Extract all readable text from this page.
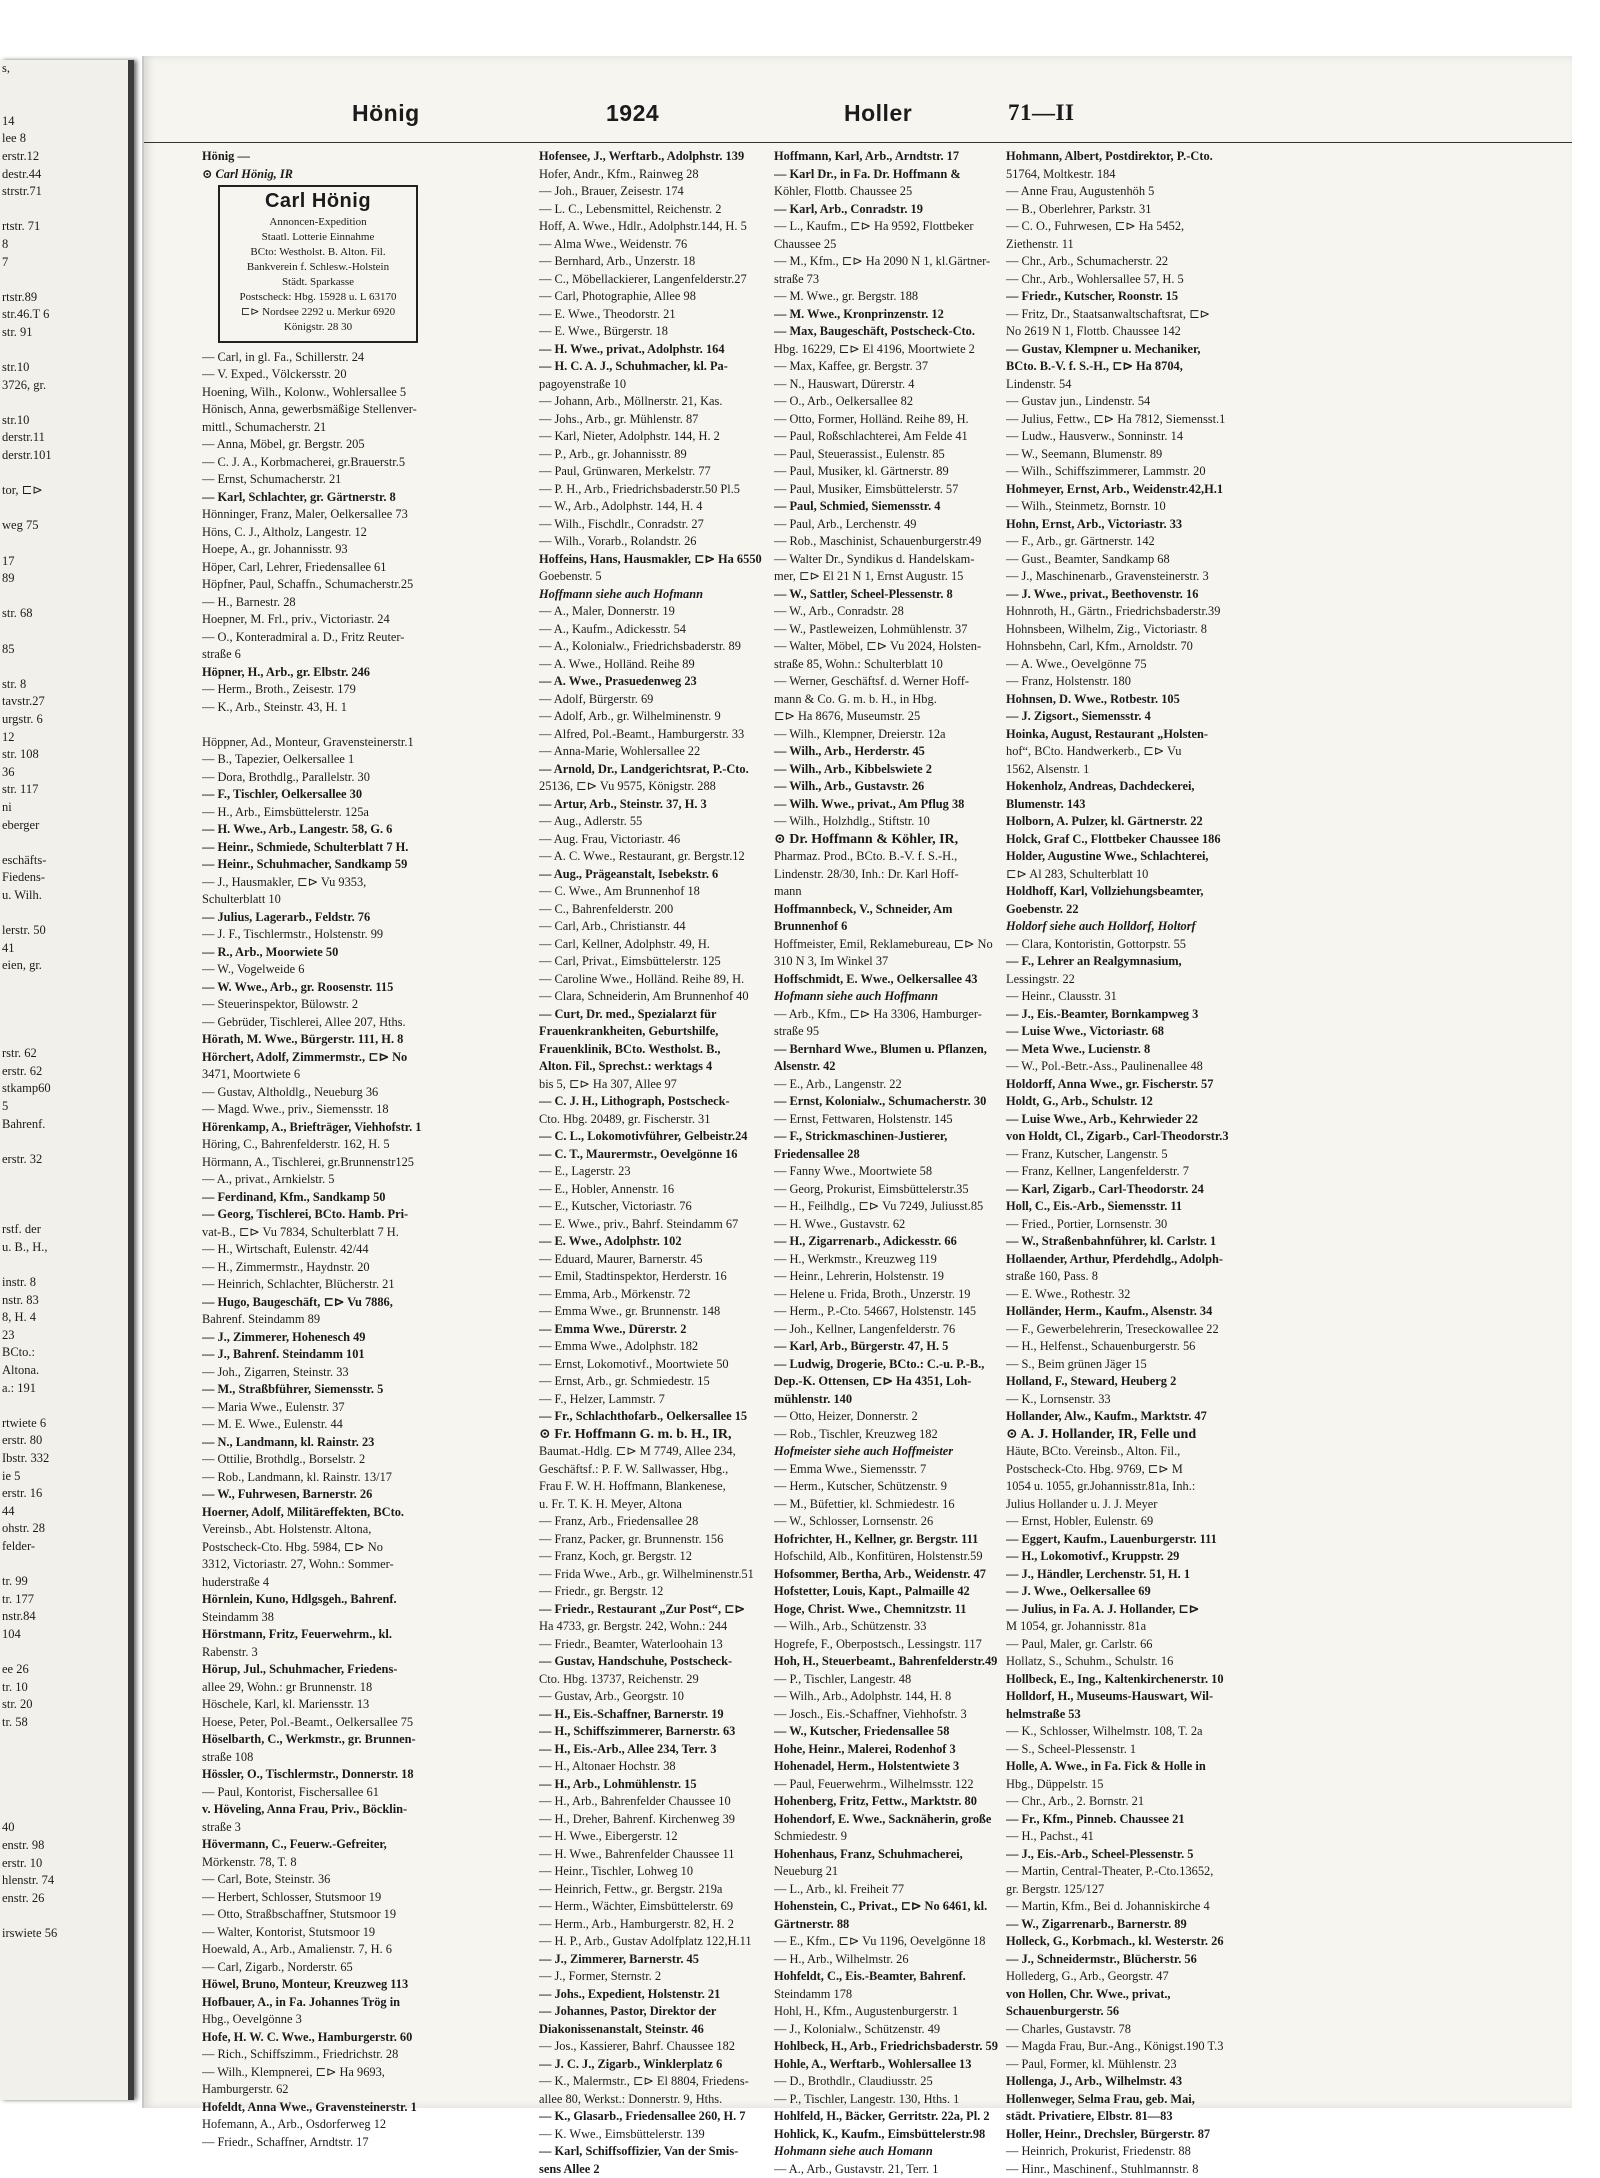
s,

14
lee 8
erstr.12
destr.44
strstr.71

rtstr. 71
8
7

rtstr.89
str.46.T 6
str. 91

str.10
3726, gr.

str.10
derstr.11
derstr.101

tor, ⊏⊳

weg 75

17
89

str. 68

85

str. 8
tavstr.27
urgstr. 6
12
str. 108
36
str. 117
ni
eberger

eschäfts-
Fiedens-
u. Wilh.

lerstr. 50
41
eien, gr.

rstr. 62
erstr. 62
stkamp60
5
Bahrenf.

erstr. 32

rstf. der
u. B., H.,

instr. 8
nstr. 83
8, H. 4
23
BCto.:
Altona.
a.: 191

rtwiete 6
erstr. 80
Ibstr. 332
ie 5
erstr. 16
44
ohstr. 28
felder-

tr. 99
tr. 177
nstr.84
104

ee 26
tr. 10
str. 20
tr. 58

40
enstr. 98
erstr. 10
hlenstr. 74
enstr. 26

irswiete 56
Hönig	1924	Holler	71—II
Hönig —
⊙ Carl Hönig, IR
Carl Hönig
Annoncen-Expedition
Staatl. Lotterie Einnahme
BCto: Westholst. B. Alton. Fil.
Bankverein f. Schlesw.-Holstein
Städt. Sparkasse
Postscheck: Hbg. 15928 u. L 63170
⊏⊳ Nordsee 2292 u. Merkur 6920
Königstr. 28 30
— Carl, in gl. Fa., Schillerstr. 24
— V. Exped., Völckersstr. 20
Hoening, Wilh., Kolonw., Wohlersallee 5
Hönisch, Anna, gewerbsmäßige Stellenver-
mittl., Schumacherstr. 21
— Anna, Möbel, gr. Bergstr. 205
— C. J. A., Korbmacherei, gr.Brauerstr.5
— Ernst, Schumacherstr. 21
— Karl, Schlachter, gr. Gärtnerstr. 8
Hönninger, Franz, Maler, Oelkersallee 73
Höns, C. J., Altholz, Langestr. 12
Hoepe, A., gr. Johannisstr. 93
Höper, Carl, Lehrer, Friedensallee 61
Höpfner, Paul, Schaffn., Schumacherstr.25
— H., Barnestr. 28
Hoepner, M. Frl., priv., Victoriastr. 24
— O., Konteradmiral a. D., Fritz Reuter-
straße 6
Höpner, H., Arb., gr. Elbstr. 246
— Herm., Broth., Zeisestr. 179
— K., Arb., Steinstr. 43, H. 1

Höppner, Ad., Monteur, Gravensteinerstr.1
— B., Tapezier, Oelkersallee 1
— Dora, Brothdlg., Parallelstr. 30
— F., Tischler, Oelkersallee 30
— H., Arb., Eimsbüttelerstr. 125a
— H. Wwe., Arb., Langestr. 58, G. 6
— Heinr., Schmiede, Schulterblatt 7 H.
— Heinr., Schuhmacher, Sandkamp 59
— J., Hausmakler, ⊏⊳ Vu 9353,
Schulterblatt 10
— Julius, Lagerarb., Feldstr. 76
— J. F., Tischlermstr., Holstenstr. 99
— R., Arb., Moorwiete 50
— W., Vogelweide 6
— W. Wwe., Arb., gr. Roosenstr. 115
— Steuerinspektor, Bülowstr. 2
— Gebrüder, Tischlerei, Allee 207, Hths.
Hörath, M. Wwe., Bürgerstr. 111, H. 8
Hörchert, Adolf, Zimmermstr., ⊏⊳ No
3471, Moortwiete 6
— Gustav, Altholdlg., Neueburg 36
— Magd. Wwe., priv., Siemensstr. 18
Hörenkamp, A., Briefträger, Viehhofstr. 1
Höring, C., Bahrenfelderstr. 162, H. 5
Hörmann, A., Tischlerei, gr.Brunnenstr125
— A., privat., Arnkielstr. 5
— Ferdinand, Kfm., Sandkamp 50
— Georg, Tischlerei, BCto. Hamb. Pri-
vat-B., ⊏⊳ Vu 7834, Schulterblatt 7 H.
— H., Wirtschaft, Eulenstr. 42/44
— H., Zimmermstr., Haydnstr. 20
— Heinrich, Schlachter, Blücherstr. 21
— Hugo, Baugeschäft, ⊏⊳ Vu 7886,
Bahrenf. Steindamm 89
— J., Zimmerer, Hohenesch 49
— J., Bahrenf. Steindamm 101
— Joh., Zigarren, Steinstr. 33
— M., Straßbführer, Siemensstr. 5
— Maria Wwe., Eulenstr. 37
— M. E. Wwe., Eulenstr. 44
— N., Landmann, kl. Rainstr. 23
— Ottilie, Brothdlg., Borselstr. 2
— Rob., Landmann, kl. Rainstr. 13/17
— W., Fuhrwesen, Barnerstr. 26
Hoerner, Adolf, Militäreffekten, BCto.
Vereinsb., Abt. Holstenstr. Altona,
Postscheck-Cto. Hbg. 5984, ⊏⊳ No
3312, Victoriastr. 27, Wohn.: Sommer-
huderstraße 4
Hörnlein, Kuno, Hdlgsgeh., Bahrenf.
Steindamm 38
Hörstmann, Fritz, Feuerwehrm., kl.
Rabenstr. 3
Hörup, Jul., Schuhmacher, Friedens-
allee 29, Wohn.: gr Brunnenstr. 18
Höschele, Karl, kl. Mariensstr. 13
Hoese, Peter, Pol.-Beamt., Oelkersallee 75
Höselbarth, C., Werkmstr., gr. Brunnen-
straße 108
Hössler, O., Tischlermstr., Donnerstr. 18
— Paul, Kontorist, Fischersallee 61
v. Höveling, Anna Frau, Priv., Böcklin-
straße 3
Hövermann, C., Feuerw.-Gefreiter,
Mörkenstr. 78, T. 8
— Carl, Bote, Steinstr. 36
— Herbert, Schlosser, Stutsmoor 19
— Otto, Straßbschaffner, Stutsmoor 19
— Walter, Kontorist, Stutsmoor 19
Hoewald, A., Arb., Amalienstr. 7, H. 6
— Carl, Zigarb., Norderstr. 65
Höwel, Bruno, Monteur, Kreuzweg 113
Hofbauer, A., in Fa. Johannes Trög in
Hbg., Oevelgönne 3
Hofe, H. W. C. Wwe., Hamburgerstr. 60
— Rich., Schiffszimm., Friedrichstr. 28
— Wilh., Klempnerei, ⊏⊳ Ha 9693,
Hamburgerstr. 62
Hofeldt, Anna Wwe., Gravensteinerstr. 1
Hofemann, A., Arb., Osdorferweg 12
— Friedr., Schaffner, Arndtstr. 17
Hofensee, J., Werftarb., Adolphstr. 139
Hofer, Andr., Kfm., Rainweg 28
— Joh., Brauer, Zeisestr. 174
— L. C., Lebensmittel, Reichenstr. 2
Hoff, A. Wwe., Hdlr., Adolphstr.144, H. 5
— Alma Wwe., Weidenstr. 76
— Bernhard, Arb., Unzerstr. 18
— C., Möbellackierer, Langenfelderstr.27
— Carl, Photographie, Allee 98
— E. Wwe., Theodorstr. 21
— E. Wwe., Bürgerstr. 18
— H. Wwe., privat., Adolphstr. 164
— H. C. A. J., Schuhmacher, kl. Pa-
pagoyenstraße 10
— Johann, Arb., Möllnerstr. 21, Kas.
— Johs., Arb., gr. Mühlenstr. 87
— Karl, Nieter, Adolphstr. 144, H. 2
— P., Arb., gr. Johannisstr. 89
— Paul, Grünwaren, Merkelstr. 77
— P. H., Arb., Friedrichsbaderstr.50 Pl.5
— W., Arb., Adolphstr. 144, H. 4
— Wilh., Fischdlr., Conradstr. 27
— Wilh., Vorarb., Rolandstr. 26
Hoffeins, Hans, Hausmakler, ⊏⊳ Ha 6550
Goebenstr. 5
Hoffmann siehe auch Hofmann
— A., Maler, Donnerstr. 19
— A., Kaufm., Adickesstr. 54
— A., Kolonialw., Friedrichsbaderstr. 89
— A. Wwe., Holländ. Reihe 89
— A. Wwe., Prasuedenweg 23
— Adolf, Bürgerstr. 69
— Adolf, Arb., gr. Wilhelminenstr. 9
— Alfred, Pol.-Beamt., Hamburgerstr. 33
— Anna-Marie, Wohlersallee 22
— Arnold, Dr., Landgerichtsrat, P.-Cto.
25136, ⊏⊳ Vu 9575, Königstr. 288
— Artur, Arb., Steinstr. 37, H. 3
— Aug., Adlerstr. 55
— Aug. Frau, Victoriastr. 46
— A. C. Wwe., Restaurant, gr. Bergstr.12
— Aug., Prägeanstalt, Isebekstr. 6
— C. Wwe., Am Brunnenhof 18
— C., Bahrenfelderstr. 200
— Carl, Arb., Christianstr. 44
— Carl, Kellner, Adolphstr. 49, H.
— Carl, Privat., Eimsbüttelerstr. 125
— Caroline Wwe., Holländ. Reihe 89, H.
— Clara, Schneiderin, Am Brunnenhof 40
— Curt, Dr. med., Spezialarzt für
Frauenkrankheiten, Geburtshilfe,
Frauenklinik, BCto. Westholst. B.,
Alton. Fil., Sprechst.: werktags 4
bis 5, ⊏⊳ Ha 307, Allee 97
— C. J. H., Lithograph, Postscheck-
Cto. Hbg. 20489, gr. Fischerstr. 31
— C. L., Lokomotivführer, Gelbeistr.24
— C. T., Maurermstr., Oevelgönne 16
— E., Lagerstr. 23
— E., Hobler, Annenstr. 16
— E., Kutscher, Victoriastr. 76
— E. Wwe., priv., Bahrf. Steindamm 67
— E. Wwe., Adolphstr. 102
— Eduard, Maurer, Barnerstr. 45
— Emil, Stadtinspektor, Herderstr. 16
— Emma, Arb., Mörkenstr. 72
— Emma Wwe., gr. Brunnenstr. 148
— Emma Wwe., Dürerstr. 2
— Emma Wwe., Adolphstr. 182
— Ernst, Lokomotivf., Moortwiete 50
— Ernst, Arb., gr. Schmiedestr. 15
— F., Helzer, Lammstr. 7
— Fr., Schlachthofarb., Oelkersallee 15
⊙ Fr. Hoffmann G. m. b. H., IR,
Baumat.-Hdlg. ⊏⊳ M 7749, Allee 234,
Geschäftsf.: P. F. W. Sallwasser, Hbg.,
Frau F. W. H. Hoffmann, Blankenese,
u. Fr. T. K. H. Meyer, Altona
— Franz, Arb., Friedensallee 28
— Franz, Packer, gr. Brunnenstr. 156
— Franz, Koch, gr. Bergstr. 12
— Frida Wwe., Arb., gr. Wilhelminenstr.51
— Friedr., gr. Bergstr. 12
— Friedr., Restaurant „Zur Post“, ⊏⊳
Ha 4733, gr. Bergstr. 242, Wohn.: 244
— Friedr., Beamter, Waterloohain 13
— Gustav, Handschuhe, Postscheck-
Cto. Hbg. 13737, Reichenstr. 29
— Gustav, Arb., Georgstr. 10
— H., Eis.-Schaffner, Barnerstr. 19
— H., Schiffszimmerer, Barnerstr. 63
— H., Eis.-Arb., Allee 234, Terr. 3
— H., Altonaer Hochstr. 38
— H., Arb., Lohmühlenstr. 15
— H., Arb., Bahrenfelder Chaussee 10
— H., Dreher, Bahrenf. Kirchenweg 39
— H. Wwe., Eibergerstr. 12
— H. Wwe., Bahrenfelder Chaussee 11
— Heinr., Tischler, Lohweg 10
— Heinrich, Fettw., gr. Bergstr. 219a
— Herm., Wächter, Eimsbüttelerstr. 69
— Herm., Arb., Hamburgerstr. 82, H. 2
— H. P., Arb., Gustav Adolfplatz 122,H.11
— J., Zimmerer, Barnerstr. 45
— J., Former, Sternstr. 2
— Johs., Expedient, Holstenstr. 21
— Johannes, Pastor, Direktor der
Diakonissenanstalt, Steinstr. 46
— Jos., Kassierer, Bahrf. Chaussee 182
— J. C. J., Zigarb., Winklerplatz 6
— K., Malermstr., ⊏⊳ El 8804, Friedens-
allee 80, Werkst.: Donnerstr. 9, Hths.
— K., Glasarb., Friedensallee 260, H. 7
— K. Wwe., Eimsbüttelerstr. 139
— Karl, Schiffsoffizier, Van der Smis-
sens Allee 2
Hoffmann, Karl, Arb., Arndtstr. 17
— Karl Dr., in Fa. Dr. Hoffmann &
Köhler, Flottb. Chaussee 25
— Karl, Arb., Conradstr. 19
— L., Kaufm., ⊏⊳ Ha 9592, Flottbeker
Chaussee 25
— M., Kfm., ⊏⊳ Ha 2090 N 1, kl.Gärtner-
straße 73
— M. Wwe., gr. Bergstr. 188
— M. Wwe., Kronprinzenstr. 12
— Max, Baugeschäft, Postscheck-Cto.
Hbg. 16229, ⊏⊳ El 4196, Moortwiete 2
— Max, Kaffee, gr. Bergstr. 37
— N., Hauswart, Dürerstr. 4
— O., Arb., Oelkersallee 82
— Otto, Former, Holländ. Reihe 89, H.
— Paul, Roßschlachterei, Am Felde 41
— Paul, Steuerassist., Eulenstr. 85
— Paul, Musiker, kl. Gärtnerstr. 89
— Paul, Musiker, Eimsbüttelerstr. 57
— Paul, Schmied, Siemensstr. 4
— Paul, Arb., Lerchenstr. 49
— Rob., Maschinist, Schauenburgerstr.49
— Walter Dr., Syndikus d. Handelskam-
mer, ⊏⊳ El 21 N 1, Ernst Augustr. 15
— W., Sattler, Scheel-Plessenstr. 8
— W., Arb., Conradstr. 28
— W., Pastleweizen, Lohmühlenstr. 37
— Walter, Möbel, ⊏⊳ Vu 2024, Holsten-
straße 85, Wohn.: Schulterblatt 10
— Werner, Geschäftsf. d. Werner Hoff-
mann & Co. G. m. b. H., in Hbg.
⊏⊳ Ha 8676, Museumstr. 25
— Wilh., Klempner, Dreierstr. 12a
— Wilh., Arb., Herderstr. 45
— Wilh., Arb., Kibbelswiete 2
— Wilh., Arb., Gustavstr. 26
— Wilh. Wwe., privat., Am Pflug 38
— Wilh., Holzhdlg., Stiftstr. 10
⊙ Dr. Hoffmann & Köhler, IR,
Pharmaz. Prod., BCto. B.-V. f. S.-H.,
Lindenstr. 28/30, Inh.: Dr. Karl Hoff-
mann
Hoffmannbeck, V., Schneider, Am
Brunnenhof 6
Hoffmeister, Emil, Reklamebureau, ⊏⊳ No
310 N 3, Im Winkel 37
Hoffschmidt, E. Wwe., Oelkersallee 43
Hofmann siehe auch Hoffmann
— Arb., Kfm., ⊏⊳ Ha 3306, Hamburger-
straße 95
— Bernhard Wwe., Blumen u. Pflanzen,
Alsenstr. 42
— E., Arb., Langenstr. 22
— Ernst, Kolonialw., Schumacherstr. 30
— Ernst, Fettwaren, Holstenstr. 145
— F., Strickmaschinen-Justierer,
Friedensallee 28
— Fanny Wwe., Moortwiete 58
— Georg, Prokurist, Eimsbüttelerstr.35
— H., Feilhdlg., ⊏⊳ Vu 7249, Juliusst.85
— H. Wwe., Gustavstr. 62
— H., Zigarrenarb., Adickesstr. 66
— H., Werkmstr., Kreuzweg 119
— Heinr., Lehrerin, Holstenstr. 19
— Helene u. Frida, Broth., Unzerstr. 19
— Herm., P.-Cto. 54667, Holstenstr. 145
— Joh., Kellner, Langenfelderstr. 76
— Karl, Arb., Bürgerstr. 47, H. 5
— Ludwig, Drogerie, BCto.: C.-u. P.-B.,
Dep.-K. Ottensen, ⊏⊳ Ha 4351, Loh-
mühlenstr. 140
— Otto, Heizer, Donnerstr. 2
— Rob., Tischler, Kreuzweg 182
Hofmeister siehe auch Hoffmeister
— Emma Wwe., Siemensstr. 7
— Herm., Kutscher, Schützenstr. 9
— M., Büfettier, kl. Schmiedestr. 16
— W., Schlosser, Lornsenstr. 26
Hofrichter, H., Kellner, gr. Bergstr. 111
Hofschild, Alb., Konfitüren, Holstenstr.59
Hofsommer, Bertha, Arb., Weidenstr. 47
Hofstetter, Louis, Kapt., Palmaille 42
Hoge, Christ. Wwe., Chemnitzstr. 11
— Wilh., Arb., Schützenstr. 33
Hogrefe, F., Oberpostsch., Lessingstr. 117
Hoh, H., Steuerbeamt., Bahrenfelderstr.49
— P., Tischler, Langestr. 48
— Wilh., Arb., Adolphstr. 144, H. 8
— Josch., Eis.-Schaffner, Viehhofstr. 3
— W., Kutscher, Friedensallee 58
Hohe, Heinr., Malerei, Rodenhof 3
Hohenadel, Herm., Holstentwiete 3
— Paul, Feuerwehrm., Wilhelmsstr. 122
Hohenberg, Fritz, Fettw., Marktstr. 80
Hohendorf, E. Wwe., Sacknäherin, große
Schmiedestr. 9
Hohenhaus, Franz, Schuhmacherei,
Neueburg 21
— L., Arb., kl. Freiheit 77
Hohenstein, C., Privat., ⊏⊳ No 6461, kl.
Gärtnerstr. 88
— E., Kfm., ⊏⊳ Vu 1196, Oevelgönne 18
— H., Arb., Wilhelmstr. 26
Hohfeldt, C., Eis.-Beamter, Bahrenf.
Steindamm 178
Hohl, H., Kfm., Augustenburgerstr. 1
— J., Kolonialw., Schützenstr. 49
Hohlbeck, H., Arb., Friedrichsbaderstr. 59
Hohle, A., Werftarb., Wohlersallee 13
— D., Brothdlr., Claudiusstr. 25
— P., Tischler, Langestr. 130, Hths. 1
Hohlfeld, H., Bäcker, Gerritstr. 22a, Pl. 2
Hohlick, K., Kaufm., Eimsbüttelerstr.98
Hohmann siehe auch Homann
— A., Arb., Gustavstr. 21, Terr. 1
Hohmann, Albert, Postdirektor, P.-Cto.
51764, Moltkestr. 184
— Anne Frau, Augustenhöh 5
— B., Oberlehrer, Parkstr. 31
— C. O., Fuhrwesen, ⊏⊳ Ha 5452,
Ziethenstr. 11
— Chr., Arb., Schumacherstr. 22
— Chr., Arb., Wohlersallee 57, H. 5
— Friedr., Kutscher, Roonstr. 15
— Fritz, Dr., Staatsanwaltschaftsrat, ⊏⊳
No 2619 N 1, Flottb. Chaussee 142
— Gustav, Klempner u. Mechaniker,
BCto. B.-V. f. S.-H., ⊏⊳ Ha 8704,
Lindenstr. 54
— Gustav jun., Lindenstr. 54
— Julius, Fettw., ⊏⊳ Ha 7812, Siemensst.1
— Ludw., Hausverw., Sonninstr. 14
— W., Seemann, Blumenstr. 89
— Wilh., Schiffszimmerer, Lammstr. 20
Hohmeyer, Ernst, Arb., Weidenstr.42,H.1
— Wilh., Steinmetz, Bornstr. 10
Hohn, Ernst, Arb., Victoriastr. 33
— F., Arb., gr. Gärtnerstr. 142
— Gust., Beamter, Sandkamp 68
— J., Maschinenarb., Gravensteinerstr. 3
— J. Wwe., privat., Beethovenstr. 16
Hohnroth, H., Gärtn., Friedrichsbaderstr.39
Hohnsbeen, Wilhelm, Zig., Victoriastr. 8
Hohnsbehn, Carl, Kfm., Arnoldstr. 70
— A. Wwe., Oevelgönne 75
— Franz, Holstenstr. 180
Hohnsen, D. Wwe., Rotbestr. 105
— J. Zigsort., Siemensstr. 4
Hoinka, August, Restaurant „Holsten-
hof“, BCto. Handwerkerb., ⊏⊳ Vu
1562, Alsenstr. 1
Hokenholz, Andreas, Dachdeckerei,
Blumenstr. 143
Holborn, A. Pulzer, kl. Gärtnerstr. 22
Holck, Graf C., Flottbeker Chaussee 186
Holder, Augustine Wwe., Schlachterei,
⊏⊳ Al 283, Schulterblatt 10
Holdhoff, Karl, Vollziehungsbeamter,
Goebenstr. 22
Holdorf siehe auch Holldorf, Holtorf
— Clara, Kontoristin, Gottorpstr. 55
— F., Lehrer an Realgymnasium,
Lessingstr. 22
— Heinr., Clausstr. 31
— J., Eis.-Beamter, Bornkampweg 3
— Luise Wwe., Victoriastr. 68
— Meta Wwe., Lucienstr. 8
— W., Pol.-Betr.-Ass., Paulinenallee 48
Holdorff, Anna Wwe., gr. Fischerstr. 57
Holdt, G., Arb., Schulstr. 12
— Luise Wwe., Arb., Kehrwieder 22
von Holdt, Cl., Zigarb., Carl-Theodorstr.3
— Franz, Kutscher, Langenstr. 5
— Franz, Kellner, Langenfelderstr. 7
— Karl, Zigarb., Carl-Theodorstr. 24
Holl, C., Eis.-Arb., Siemensstr. 11
— Fried., Portier, Lornsenstr. 30
— W., Straßenbahnführer, kl. Carlstr. 1
Hollaender, Arthur, Pferdehdlg., Adolph-
straße 160, Pass. 8
— E. Wwe., Rothestr. 32
Holländer, Herm., Kaufm., Alsenstr. 34
— F., Gewerbelehrerin, Treseckowallee 22
— H., Helfenst., Schauenburgerstr. 56
— S., Beim grünen Jäger 15
Holland, F., Steward, Heuberg 2
— K., Lornsenstr. 33
Hollander, Alw., Kaufm., Marktstr. 47
⊙ A. J. Hollander, IR, Felle und
Häute, BCto. Vereinsb., Alton. Fil.,
Postscheck-Cto. Hbg. 9769, ⊏⊳ M
1054 u. 1055, gr.Johannisstr.81a, Inh.:
Julius Hollander u. J. J. Meyer
— Ernst, Hobler, Eulenstr. 69
— Eggert, Kaufm., Lauenburgerstr. 111
— H., Lokomotivf., Kruppstr. 29
— J., Händler, Lerchenstr. 51, H. 1
— J. Wwe., Oelkersallee 69
— Julius, in Fa. A. J. Hollander, ⊏⊳
M 1054, gr. Johannisstr. 81a
— Paul, Maler, gr. Carlstr. 66
Hollatz, S., Schuhm., Schulstr. 16
Hollbeck, E., Ing., Kaltenkirchenerstr. 10
Holldorf, H., Museums-Hauswart, Wil-
helmstraße 53
— K., Schlosser, Wilhelmstr. 108, T. 2a
— S., Scheel-Plessenstr. 1
Holle, A. Wwe., in Fa. Fick & Holle in
Hbg., Düppelstr. 15
— Chr., Arb., 2. Bornstr. 21
— Fr., Kfm., Pinneb. Chaussee 21
— H., Pachst., 41
— J., Eis.-Arb., Scheel-Plessenstr. 5
— Martin, Central-Theater, P.-Cto.13652,
gr. Bergstr. 125/127
— Martin, Kfm., Bei d. Johanniskirche 4
— W., Zigarrenarb., Barnerstr. 89
Holleck, G., Korbmach., kl. Westerstr. 26
— J., Schneidermstr., Blücherstr. 56
Hollederg, G., Arb., Georgstr. 47
von Hollen, Chr. Wwe., privat.,
Schauenburgerstr. 56
— Charles, Gustavstr. 78
— Magda Frau, Bur.-Ang., Königst.190 T.3
— Paul, Former, kl. Mühlenstr. 23
Hollenga, J., Arb., Wilhelmstr. 43
Hollenweger, Selma Frau, geb. Mai,
städt. Privatiere, Elbstr. 81—83
Holler, Heinr., Drechsler, Bürgerstr. 87
— Heinrich, Prokurist, Friedenstr. 88
— Hinr., Maschinenf., Stuhlmannstr. 8
